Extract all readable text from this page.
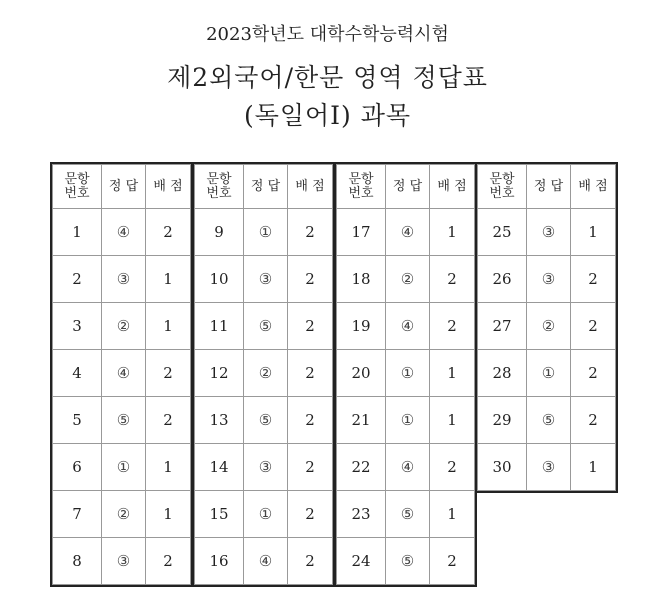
2023학년도 대학수학능력시험
제2외국어/한문 영역 정답표
(독일어Ⅰ) 과목
문항
번호	정 답	배 점
1	④	2
2	③	1
3	②	1
4	④	2
5	⑤	2
6	①	1
7	②	1
8	③	2
문항
번호	정 답	배 점
9	①	2
10	③	2
11	⑤	2
12	②	2
13	⑤	2
14	③	2
15	①	2
16	④	2
문항
번호	정 답	배 점
17	④	1
18	②	2
19	④	2
20	①	1
21	①	1
22	④	2
23	⑤	1
24	⑤	2
문항
번호	정 답	배 점
25	③	1
26	③	2
27	②	2
28	①	2
29	⑤	2
30	③	1
